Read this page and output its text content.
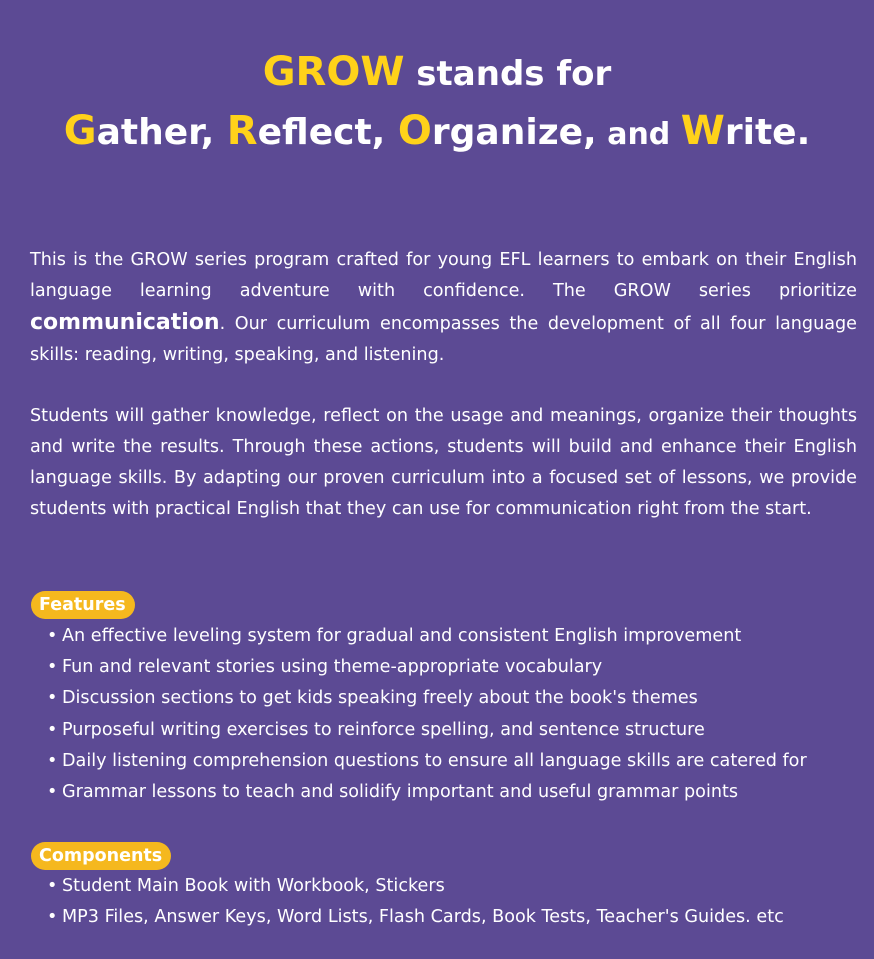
GROW stands for
Gather, Reflect, Organize, and Write.

This is the GROW series program crafted for young EFL learners to embark on their English language learning adventure with confidence. The GROW series prioritize communication. Our curriculum encompasses the development of all four language skills: reading, writing, speaking, and listening.

Students will gather knowledge, reflect on the usage and meanings, organize their thoughts and write the results. Through these actions, students will build and enhance their English language skills. By adapting our proven curriculum into a focused set of lessons, we provide students with practical English that they can use for communication right from the start.

Features
• An effective leveling system for gradual and consistent English improvement
• Fun and relevant stories using theme-appropriate vocabulary
• Discussion sections to get kids speaking freely about the book's themes
• Purposeful writing exercises to reinforce spelling, and sentence structure
• Daily listening comprehension questions to ensure all language skills are catered for
• Grammar lessons to teach and solidify important and useful grammar points
Components
• Student Main Book with Workbook, Stickers
• MP3 Files, Answer Keys, Word Lists, Flash Cards, Book Tests, Teacher's Guides. etc
